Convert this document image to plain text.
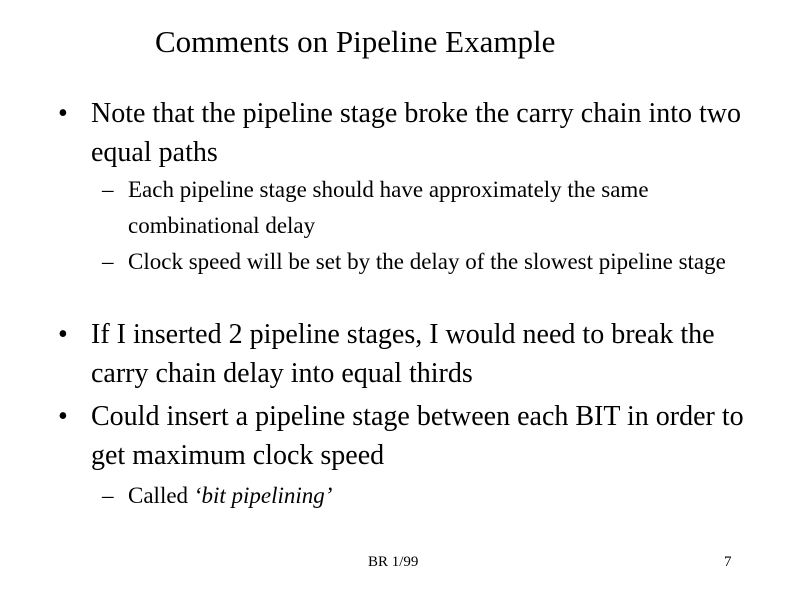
Comments on Pipeline Example
• Note that the pipeline stage broke the carry chain into two equal paths
– Each pipeline stage should have approximately the same combinational delay
– Clock speed will be set by the delay of the slowest pipeline stage
• If I inserted 2 pipeline stages, I would need to break the carry chain delay into equal thirds
• Could insert a pipeline stage between each BIT in order to get maximum clock speed
– Called ‘bit pipelining’
BR 1/99	7
